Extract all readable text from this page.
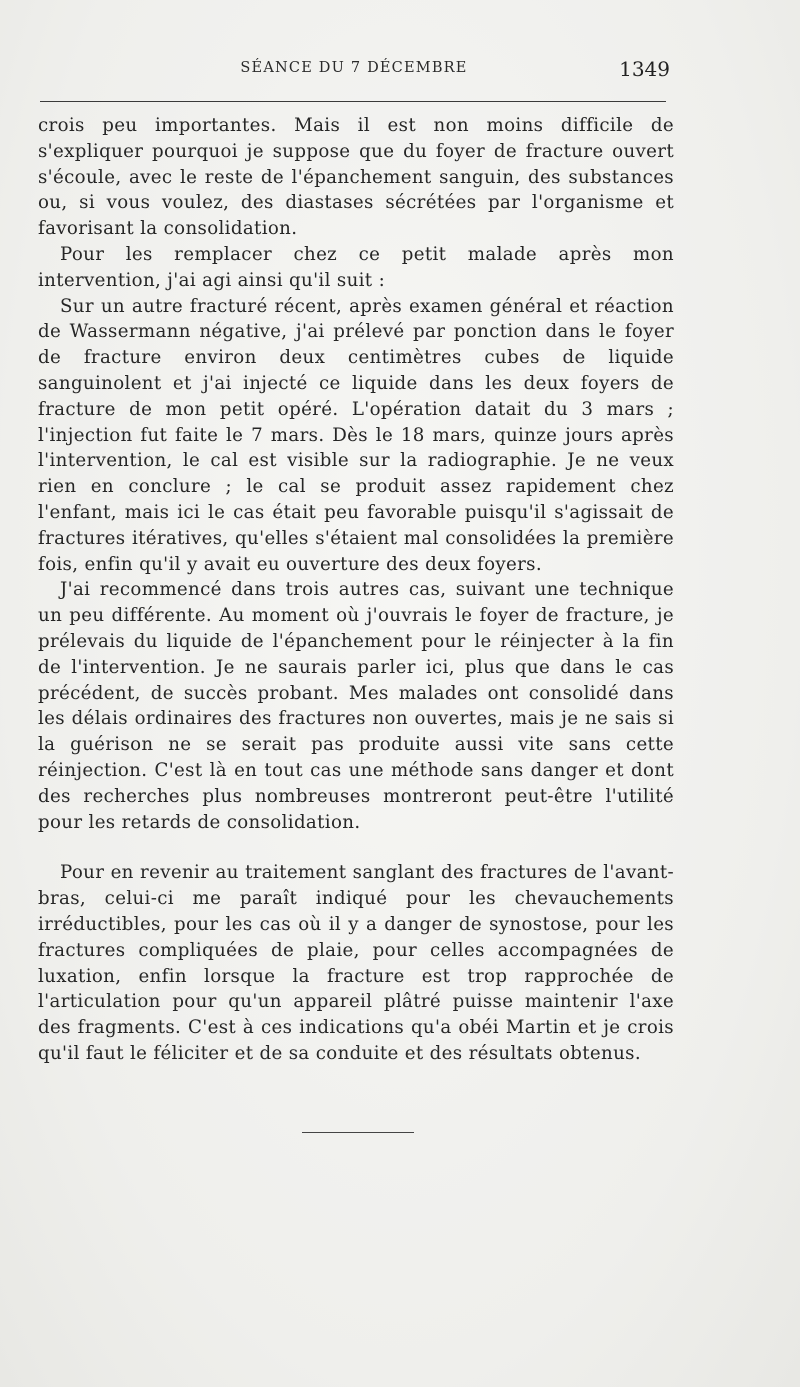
SÉANCE DU 7 DÉCEMBRE	1349

crois peu importantes. Mais il est non moins difficile de s'expliquer pourquoi je suppose que du foyer de fracture ouvert s'écoule, avec le reste de l'épanchement sanguin, des substances ou, si vous voulez, des diastases sécrétées par l'organisme et favorisant la consolidation.

Pour les remplacer chez ce petit malade après mon intervention, j'ai agi ainsi qu'il suit :

Sur un autre fracturé récent, après examen général et réaction de Wassermann négative, j'ai prélevé par ponction dans le foyer de fracture environ deux centimètres cubes de liquide sanguinolent et j'ai injecté ce liquide dans les deux foyers de fracture de mon petit opéré. L'opération datait du 3 mars ; l'injection fut faite le 7 mars. Dès le 18 mars, quinze jours après l'intervention, le cal est visible sur la radiographie. Je ne veux rien en conclure ; le cal se produit assez rapidement chez l'enfant, mais ici le cas était peu favorable puisqu'il s'agissait de fractures itératives, qu'elles s'étaient mal consolidées la première fois, enfin qu'il y avait eu ouverture des deux foyers.

J'ai recommencé dans trois autres cas, suivant une technique un peu différente. Au moment où j'ouvrais le foyer de fracture, je prélevais du liquide de l'épanchement pour le réinjecter à la fin de l'intervention. Je ne saurais parler ici, plus que dans le cas précédent, de succès probant. Mes malades ont consolidé dans les délais ordinaires des fractures non ouvertes, mais je ne sais si la guérison ne se serait pas produite aussi vite sans cette réinjection. C'est là en tout cas une méthode sans danger et dont des recherches plus nombreuses montreront peut-être l'utilité pour les retards de consolidation.

Pour en revenir au traitement sanglant des fractures de l'avant-bras, celui-ci me paraît indiqué pour les chevauchements irréductibles, pour les cas où il y a danger de synostose, pour les fractures compliquées de plaie, pour celles accompagnées de luxation, enfin lorsque la fracture est trop rapprochée de l'articulation pour qu'un appareil plâtré puisse maintenir l'axe des fragments. C'est à ces indications qu'a obéi Martin et je crois qu'il faut le féliciter et de sa conduite et des résultats obtenus.
